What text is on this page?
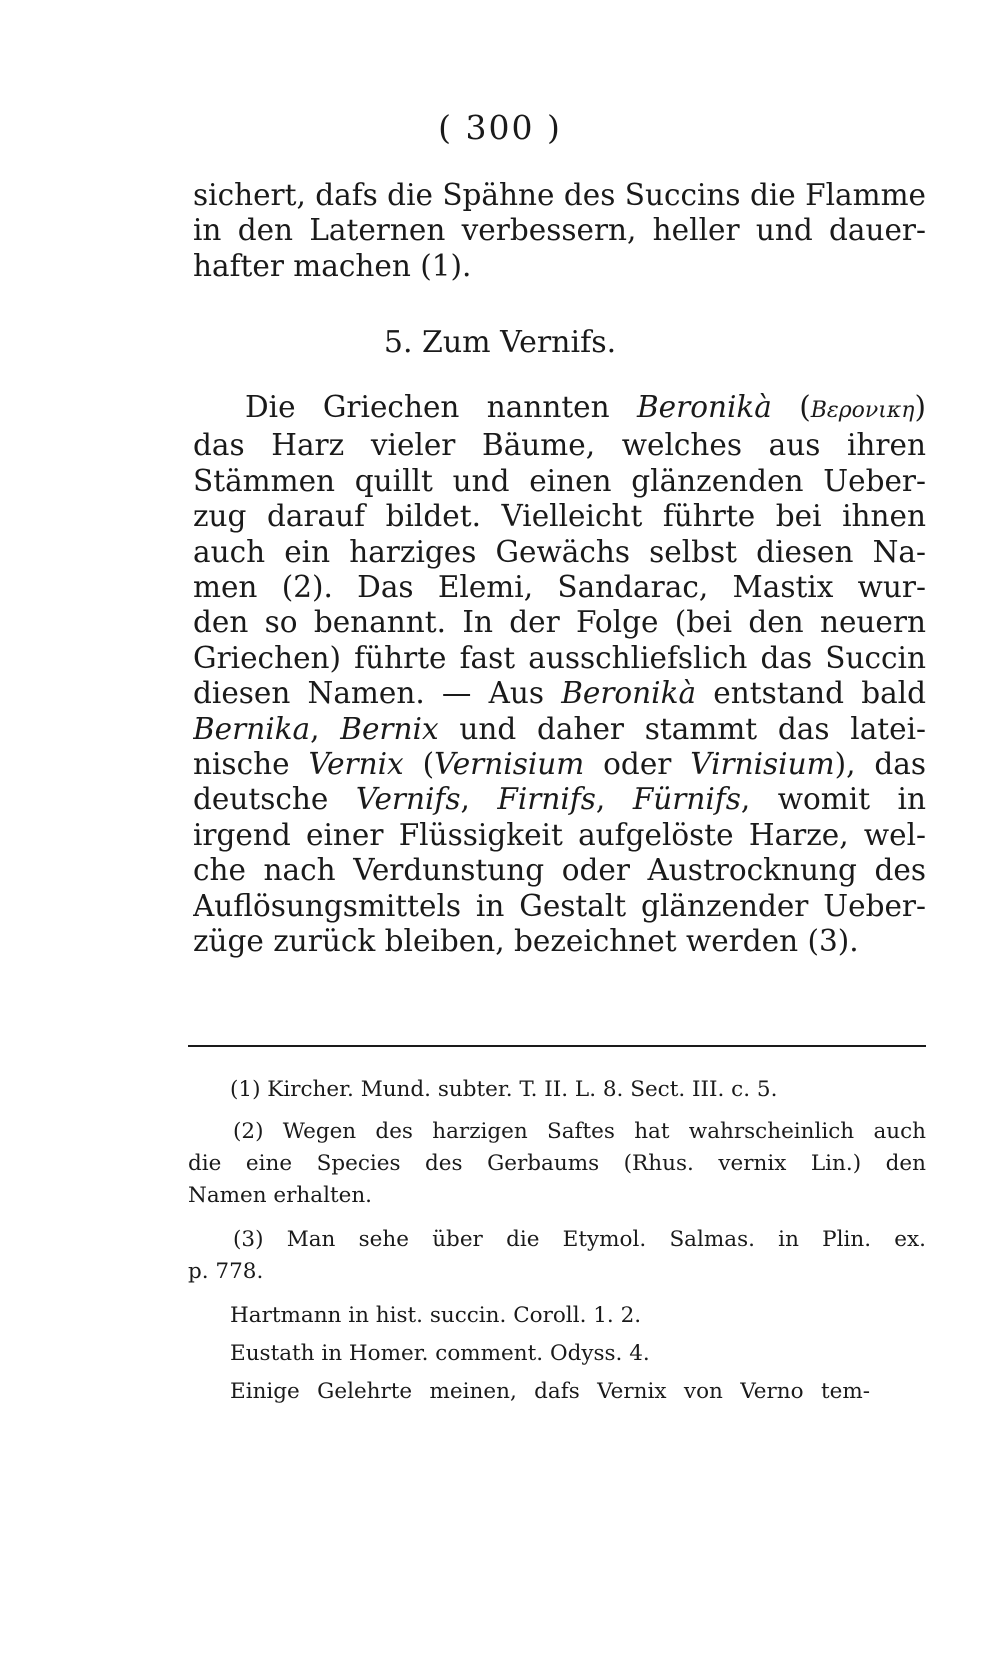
( 300 )
sichert, dafs die Spähne des Succins die Flamme
in den Laternen verbessern, heller und dauer-
hafter machen (1).
5. Zum Vernifs.
Die Griechen nannten Beronikà (Βερονικη)
das Harz vieler Bäume, welches aus ihren
Stämmen quillt und einen glänzenden Ueber-
zug darauf bildet. Vielleicht führte bei ihnen
auch ein harziges Gewächs selbst diesen Na-
men (2). Das Elemi, Sandarac, Mastix wur-
den so benannt. In der Folge (bei den neuern
Griechen) führte fast ausschliefslich das Succin
diesen Namen. — Aus Beronikà entstand bald
Bernika, Bernix und daher stammt das latei-
nische Vernix (Vernisium oder Virnisium), das
deutsche Vernifs, Firnifs, Fürnifs, womit in
irgend einer Flüssigkeit aufgelöste Harze, wel-
che nach Verdunstung oder Austrocknung des
Auflösungsmittels in Gestalt glänzender Ueber-
züge zurück bleiben, bezeichnet werden (3).
(1) Kircher. Mund. subter. T. II. L. 8. Sect. III. c. 5.
(2) Wegen des harzigen Saftes hat wahrscheinlich auch
die eine Species des Gerbaums (Rhus. vernix Lin.) den
Namen erhalten.
(3) Man sehe über die Etymol. Salmas. in Plin. ex.
p. 778.
Hartmann in hist. succin. Coroll. 1. 2.
Eustath in Homer. comment. Odyss. 4.
Einige Gelehrte meinen, dafs Vernix von Verno tem-
